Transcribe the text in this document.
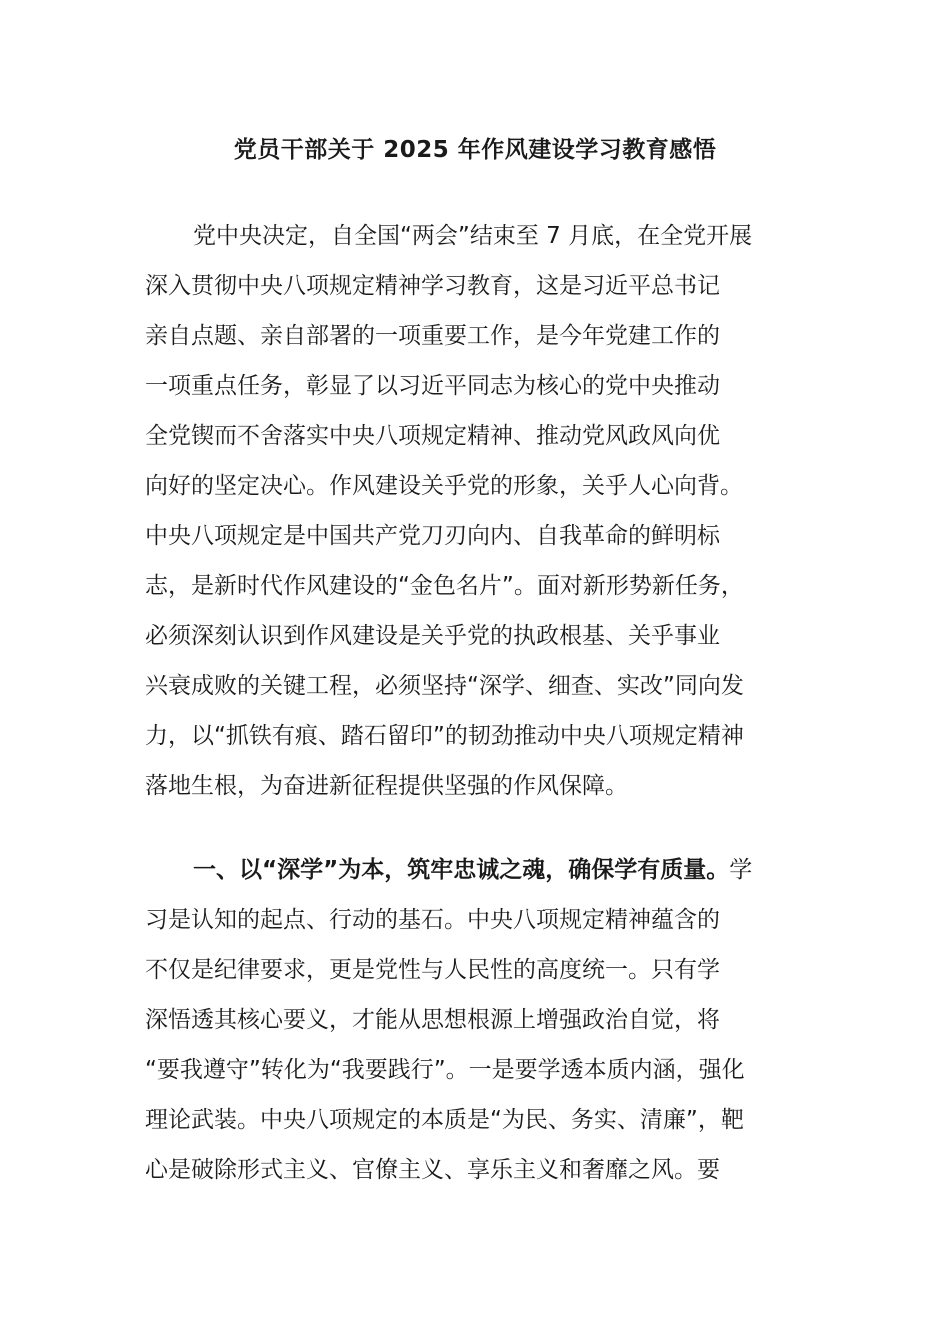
党员干部关于 2025 年作风建设学习教育感悟
党中央决定，自全国“两会”结束至 7 月底，在全党开展
深入贯彻中央八项规定精神学习教育，这是习近平总书记
亲自点题、亲自部署的一项重要工作，是今年党建工作的
一项重点任务，彰显了以习近平同志为核心的党中央推动
全党锲而不舍落实中央八项规定精神、推动党风政风向优
向好的坚定决心。作风建设关乎党的形象，关乎人心向背。
中央八项规定是中国共产党刀刃向内、自我革命的鲜明标
志，是新时代作风建设的“金色名片”。面对新形势新任务，
必须深刻认识到作风建设是关乎党的执政根基、关乎事业
兴衰成败的关键工程，必须坚持“深学、细查、实改”同向发
力，以“抓铁有痕、踏石留印”的韧劲推动中央八项规定精神
落地生根，为奋进新征程提供坚强的作风保障。
一、以“深学”为本，筑牢忠诚之魂，确保学有质量。学
习是认知的起点、行动的基石。中央八项规定精神蕴含的
不仅是纪律要求，更是党性与人民性的高度统一。只有学
深悟透其核心要义，才能从思想根源上增强政治自觉，将
“要我遵守”转化为“我要践行”。一是要学透本质内涵，强化
理论武装。中央八项规定的本质是“为民、务实、清廉”，靶
心是破除形式主义、官僚主义、享乐主义和奢靡之风。要
